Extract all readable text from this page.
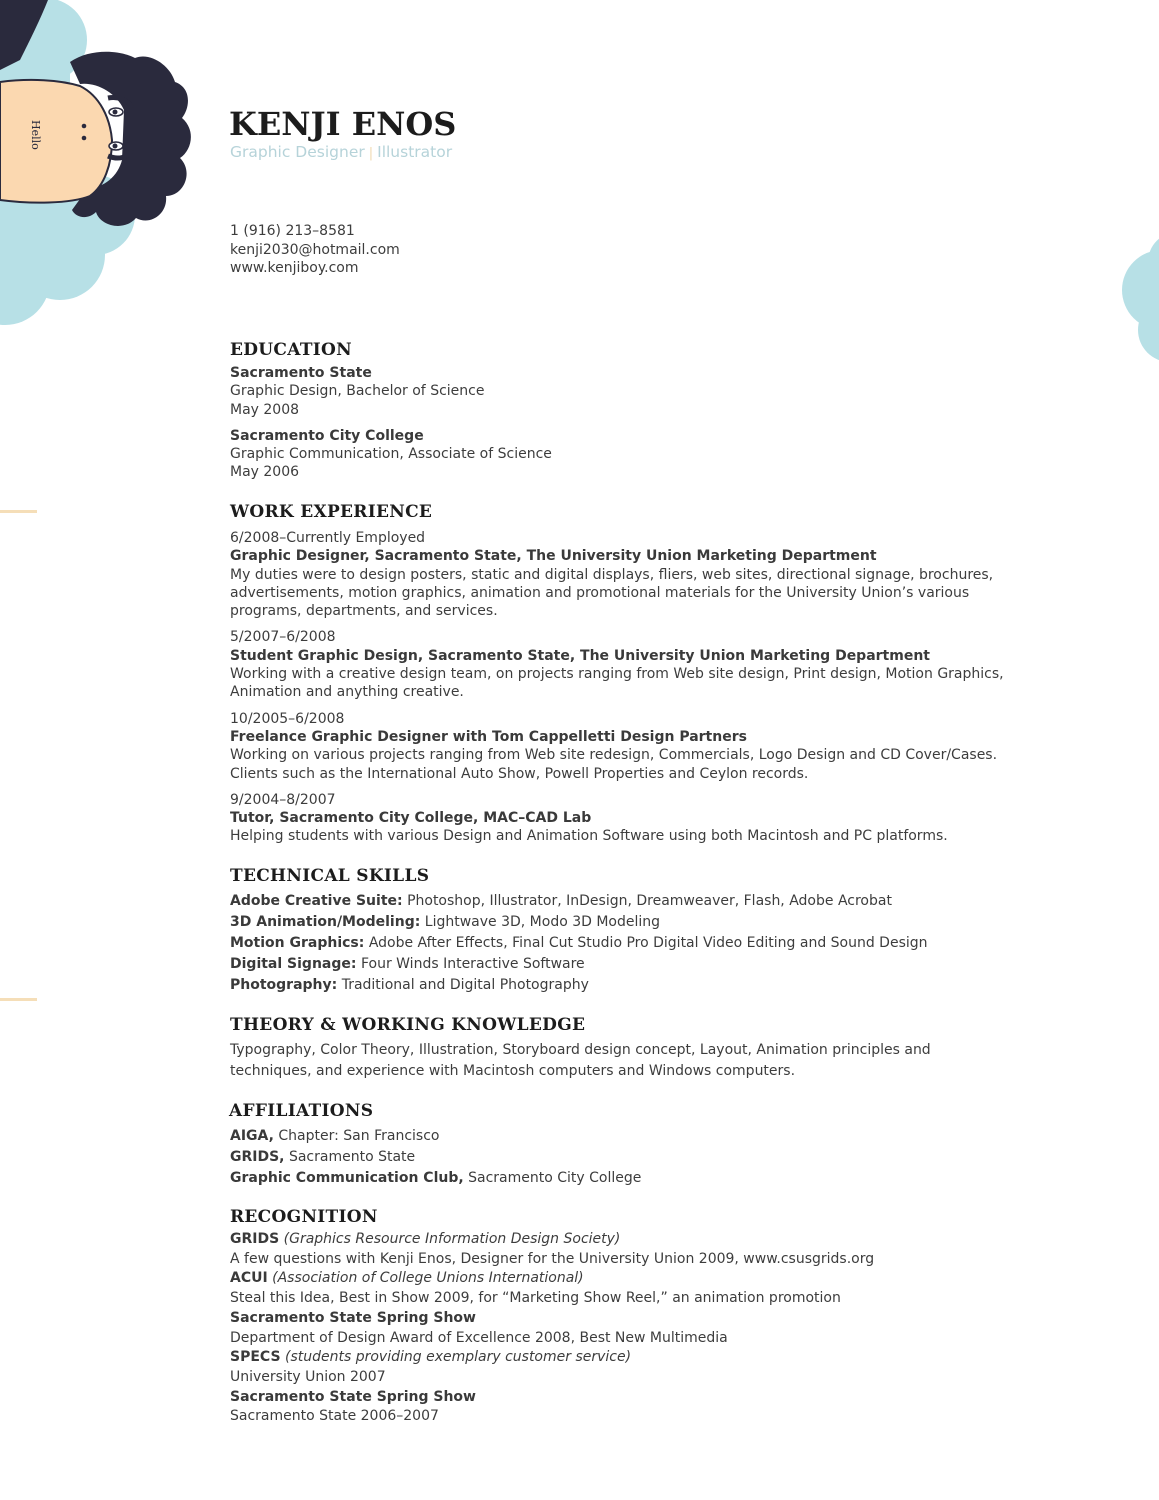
Hello	KENJI ENOS
Graphic Designer | Illustrator
1 (916) 213–8581
kenji2030@hotmail.com
www.kenjiboy.com
EDUCATION
Sacramento State
Graphic Design, Bachelor of Science
May 2008
Sacramento City College
Graphic Communication, Associate of Science
May 2006
WORK EXPERIENCE
6/2008–Currently Employed
Graphic Designer, Sacramento State, The University Union Marketing Department
My duties were to design posters, static and digital displays, fliers, web sites, directional signage, brochures, advertisements, motion graphics, animation and promotional materials for the University Union’s various programs, departments, and services.
5/2007–6/2008
Student Graphic Design, Sacramento State, The University Union Marketing Department
Working with a creative design team, on projects ranging from Web site design, Print design, Motion Graphics, Animation and anything creative.
10/2005–6/2008
Freelance Graphic Designer with Tom Cappelletti Design Partners
Working on various projects ranging from Web site redesign, Commercials, Logo Design and CD Cover/Cases. Clients such as the International Auto Show, Powell Properties and Ceylon records.
9/2004–8/2007
Tutor, Sacramento City College, MAC–CAD Lab
Helping students with various Design and Animation Software using both Macintosh and PC platforms.
TECHNICAL SKILLS
Adobe Creative Suite: Photoshop, Illustrator, InDesign, Dreamweaver, Flash, Adobe Acrobat
3D Animation/Modeling: Lightwave 3D, Modo 3D Modeling
Motion Graphics: Adobe After Effects, Final Cut Studio Pro Digital Video Editing and Sound Design
Digital Signage: Four Winds Interactive Software
Photography: Traditional and Digital Photography
THEORY & WORKING KNOWLEDGE
Typography, Color Theory, Illustration, Storyboard design concept, Layout, Animation principles and techniques, and experience with Macintosh computers and Windows computers.
AFFILIATIONS
AIGA, Chapter: San Francisco
GRIDS, Sacramento State
Graphic Communication Club, Sacramento City College
RECOGNITION
GRIDS (Graphics Resource Information Design Society)
A few questions with Kenji Enos, Designer for the University Union 2009, www.csusgrids.org
ACUI (Association of College Unions International)
Steal this Idea, Best in Show 2009, for “Marketing Show Reel,” an animation promotion
Sacramento State Spring Show
Department of Design Award of Excellence 2008, Best New Multimedia
SPECS (students providing exemplary customer service)
University Union 2007
Sacramento State Spring Show
Sacramento State 2006–2007
